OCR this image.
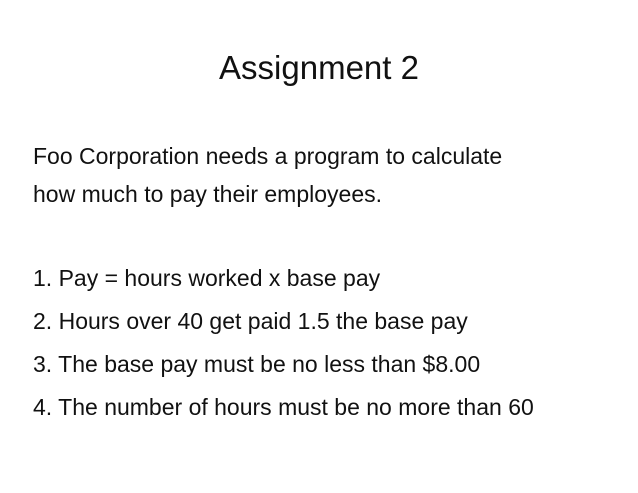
Assignment 2

Foo Corporation needs a program to calculate

how much to pay their employees.

1. Pay = hours worked x base pay
2. Hours over 40 get paid 1.5 the base pay
3. The base pay must be no less than $8.00
4. The number of hours must be no more than 60
